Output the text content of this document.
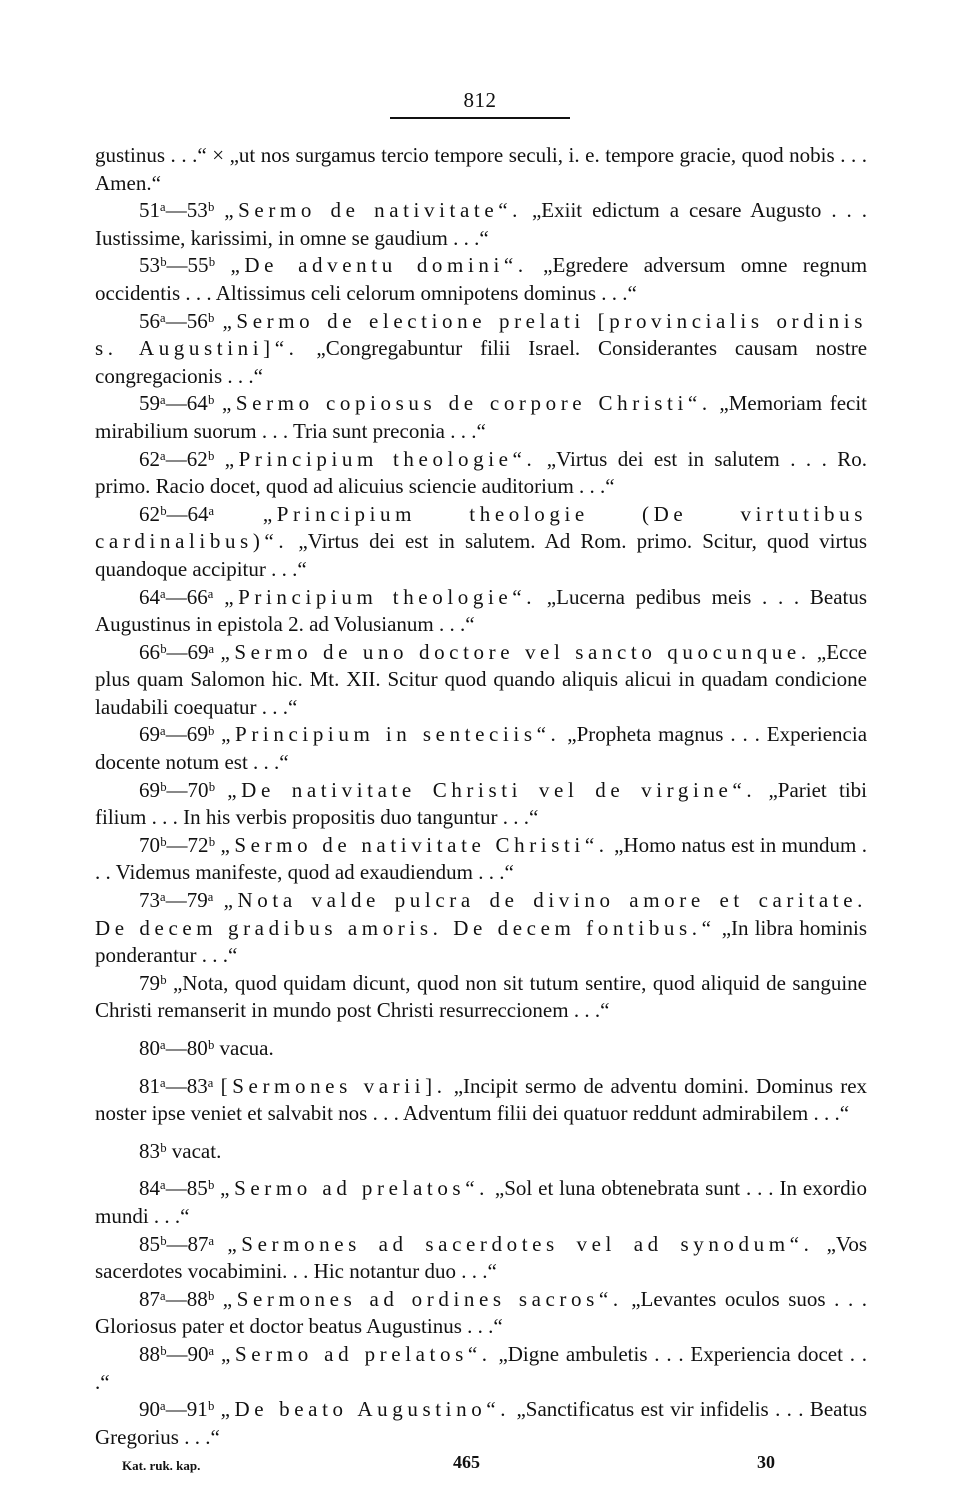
812

gustinus . . .“ × „ut nos surgamus tercio tempore seculi, i. e. tempore gracie, quod nobis . . . Amen.“

51ᵃ—53ᵇ „Sermo de nativitate“. „Exiit edictum a cesare Augusto . . . Iustissime, karissimi, in omne se gaudium . . .“

53ᵇ—55ᵇ „De adventu domini“. „Egredere adversum omne regnum occidentis . . . Altissimus celi celorum omnipotens dominus . . .“

56ᵃ—56ᵇ „Sermo de electione prelati [provincialis ordinis s. Augustini]“. „Congregabuntur filii Israel. Considerantes causam nostre congregacionis . . .“

59ᵃ—64ᵇ „Sermo copiosus de corpore Christi“. „Memoriam fecit mirabilium suorum . . . Tria sunt preconia . . .“

62ᵃ—62ᵇ „Principium theologie“. „Virtus dei est in salutem . . . Ro. primo. Racio docet, quod ad alicuius sciencie auditorium . . .“

62ᵇ—64ᵃ „Principium theologie (De virtutibus cardinalibus)“. „Virtus dei est in salutem. Ad Rom. primo. Scitur, quod virtus quandoque accipitur . . .“

64ᵃ—66ᵃ „Principium theologie“. „Lucerna pedibus meis . . . Beatus Augustinus in epistola 2. ad Volusianum . . .“

66ᵇ—69ᵃ „Sermo de uno doctore vel sancto quocunque. „Ecce plus quam Salomon hic. Mt. XII. Scitur quod quando aliquis alicui in quadam condicione laudabili coequatur . . .“

69ᵃ—69ᵇ „Principium in senteciis“. „Propheta magnus . . . Experiencia docente notum est . . .“

69ᵇ—70ᵇ „De nativitate Christi vel de virgine“. „Pariet tibi filium . . . In his verbis propositis duo tanguntur . . .“

70ᵇ—72ᵇ „Sermo de nativitate Christi“. „Homo natus est in mundum . . . Videmus manifeste, quod ad exaudiendum . . .“

73ᵃ—79ᵃ „Nota valde pulcra de divino amore et caritate. De decem gradibus amoris. De decem fontibus.“ „In libra hominis ponderantur . . .“

79ᵇ „Nota, quod quidam dicunt, quod non sit tutum sentire, quod aliquid de sanguine Christi remanserit in mundo post Christi resurreccionem . . .“

80ᵃ—80ᵇ vacua.

81ᵃ—83ᵃ [Sermones varii]. „Incipit sermo de adventu domini. Dominus rex noster ipse veniet et salvabit nos . . . Adventum filii dei quatuor reddunt admirabilem . . .“

83ᵇ vacat.

84ᵃ—85ᵇ „Sermo ad prelatos“. „Sol et luna obtenebrata sunt . . . In exordio mundi . . .“

85ᵇ—87ᵃ „Sermones ad sacerdotes vel ad synodum“. „Vos sacerdotes vocabimini. . . Hic notantur duo . . .“

87ᵃ—88ᵇ „Sermones ad ordines sacros“. „Levantes oculos suos . . . Gloriosus pater et doctor beatus Augustinus . . .“

88ᵇ—90ᵃ „Sermo ad prelatos“. „Digne ambuletis . . . Experiencia docet . . .“

90ᵃ—91ᵇ „De beato Augustino“. „Sanctificatus est vir infidelis . . . Beatus Gregorius . . .“

Kat. ruk. kap.	465	30
